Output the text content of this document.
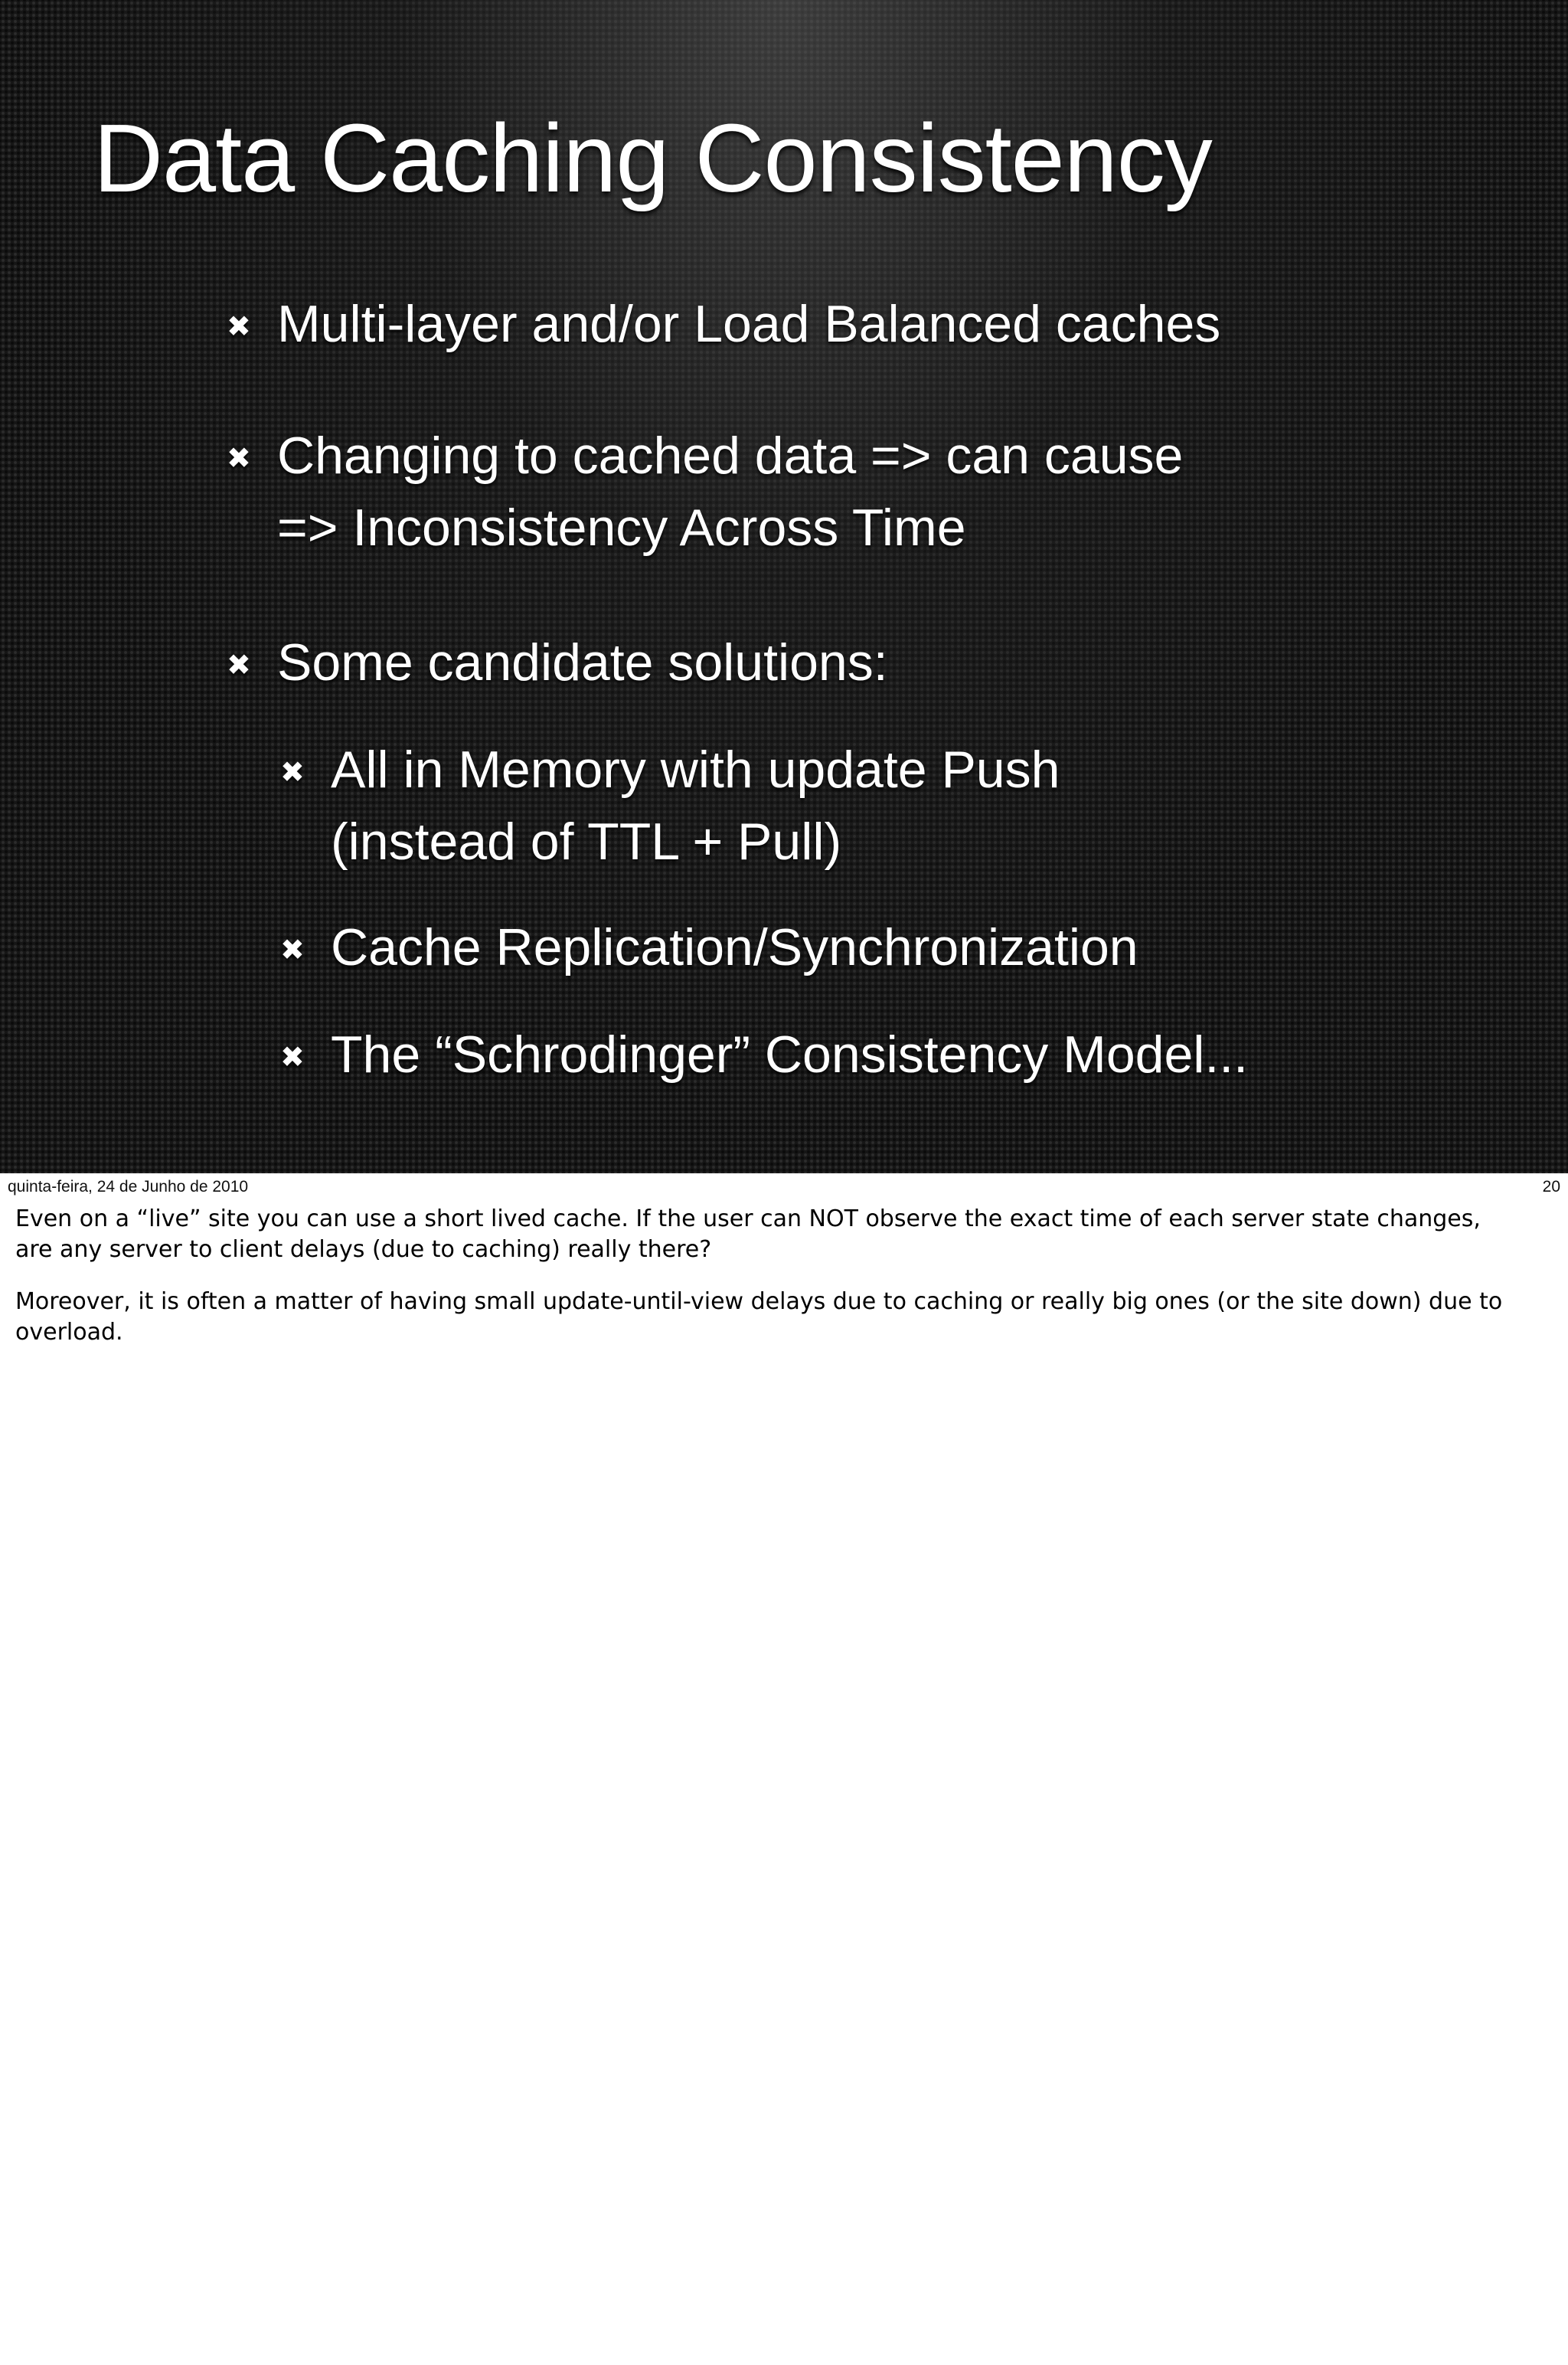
Data Caching Consistency
✖ Multi-layer and/or Load Balanced caches
✖ Changing to cached data => can cause
=> Inconsistency Across Time
✖ Some candidate solutions:
✖ All in Memory with update Push
(instead of TTL + Pull)
✖ Cache Replication/Synchronization
✖ The “Schrodinger” Consistency Model...
quinta-feira, 24 de Junho de 2010	20

Even on a “live” site you can use a short lived cache. If the user can NOT observe the exact time of each server state changes, are any server to client delays (due to caching) really there?

Moreover, it is often a matter of having small update-until-view delays due to caching or really big ones (or the site down) due to overload.
